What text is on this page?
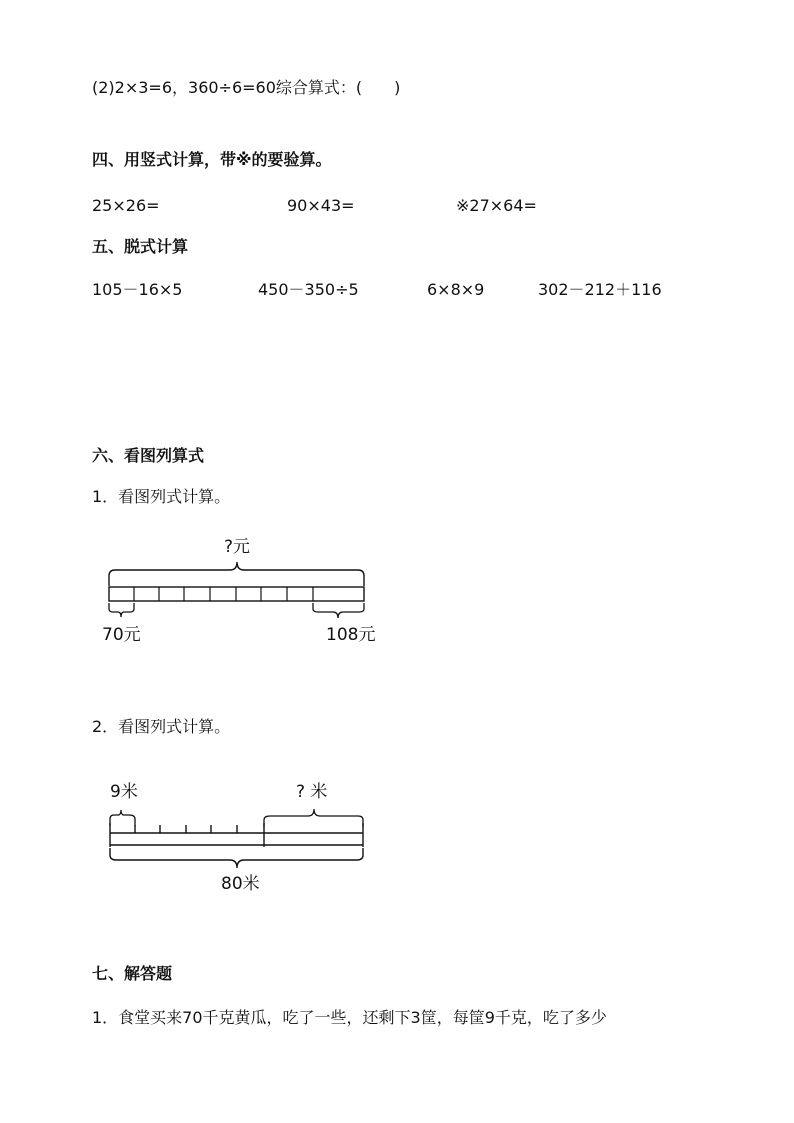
(2)2×3=6，360÷6=60综合算式：(　　)
四、用竖式计算，带※的要验算。
25×26=	90×43=	※27×64=
五、脱式计算
105－16×5	450－350÷5	6×8×9	302－212＋116
六、看图列算式
1．看图列式计算。
?元
70元	108元
2．看图列式计算。
9米	? 米
80米
七、解答题
1．食堂买来70千克黄瓜，吃了一些，还剩下3筐，每筐9千克，吃了多少
